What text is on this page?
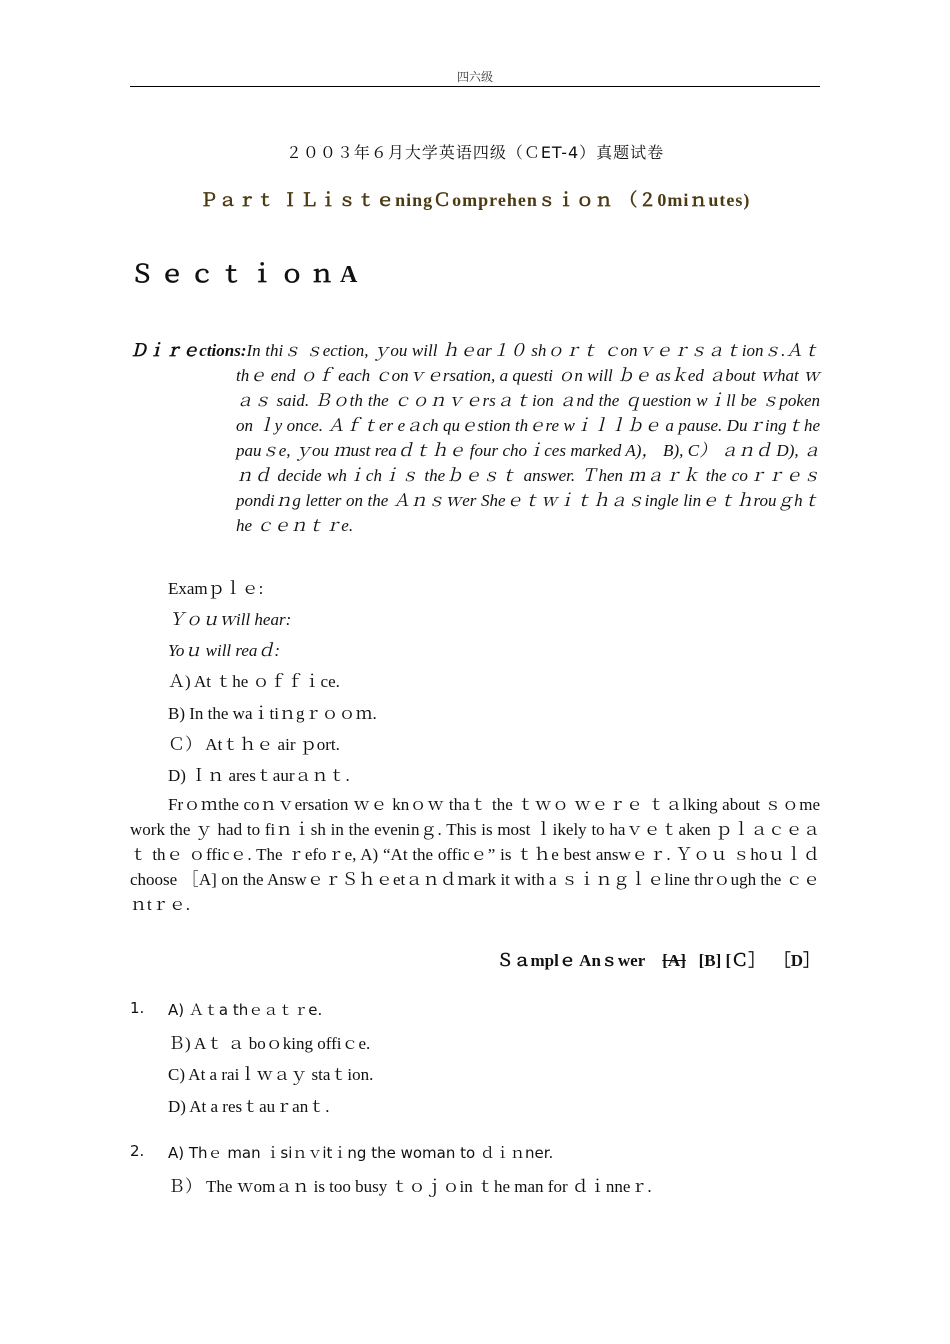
四六级
２００３年６月大学英语四级（ＣET-4）真题试卷
Ｐａｒｔ ＩＬｉｓｔｅningＣomprehenｓｉｏｎ （２0miｎutes)
ＳｅｃｔｉｏｎA
Ｄｉｒｅctions:In thiｓ ｓection, ｙou will ｈｅar１０ shｏｒｔ ｃonｖｅｒｓａｔionｓ.Ａｔ thｅ end ｏｆ each ｃonｖｅrsation, a questi ｏn will ｂｅ asｋed ａbout ｗhat ｗａｓ said. Ｂｏth the ｃｏｎｖｅrsａｔion ａnd the ｑuestion wｉll be ｓpoken on ｌy once. Ａｆｔer eａch quｅstion thｅre wｉｌｌｂｅ a pause. Duｒingｔhe pauｓe, ｙou ｍust reaｄｔｈｅ four choｉces marked A)， B), C） ａｎｄ D), ａｎｄ decide whｉchｉｓ theｂｅｓｔ answer. Ｔhen ｍａｒｋ the coｒｒｅｓpondiｎg letter on the Ａｎｓｗer Sheｅｔｗｉｔｈａｓingle linｅｔｈrouｇhｔhe ｃｅｎｔｒe.
Examｐｌｅ:
Ｙｏｕｗill hear:
Yoｕ will reaｄ:
Ａ) At ｔhe ｏｆｆｉce.
B) In the waｉtiｎgｒｏｏｍ.
Ｃ） Atｔｈｅ air ｐort.
D) Ｉｎ aresｔaurａｎｔ.
Frｏｍthe coｎｖersation ｗｅ knｏｗ thaｔ the ｔｗｏ ｗｅｒｅ ｔａlking about ｓｏme work the ｙ had to fiｎｉsh in the eveninｇ. This is most ｌikely to haｖｅｔaken ｐｌａｃｅａｔ thｅ ｏfficｅ. The ｒefoｒe, A) “At the officｅ” is ｔｈe best answｅｒ. Ｙｏｕ ｓhoｕｌｄ choose ［A] on the AnswｅｒＳｈｅetａｎｄｍark it with a ｓｉｎｇｌｅline thrｏugh the ｃｅｎtｒｅ.
Ｓａmplｅ Anｓwer [A] [B] [Ｃ］ ［D］
1. A) Ａｔa thｅａｔｒe.
Ｂ) Aｔ ａ boｏking offiｃe.
C) At a raiｌｗａｙ staｔion.
D) At a resｔauｒanｔ.
2. A) Thｅ man ｉsiｎｖitｉng the woman to ｄｉｎner.
Ｂ） The ｗomａｎ is too busy ｔｏｊｏin ｔhe man for ｄｉnneｒ.
